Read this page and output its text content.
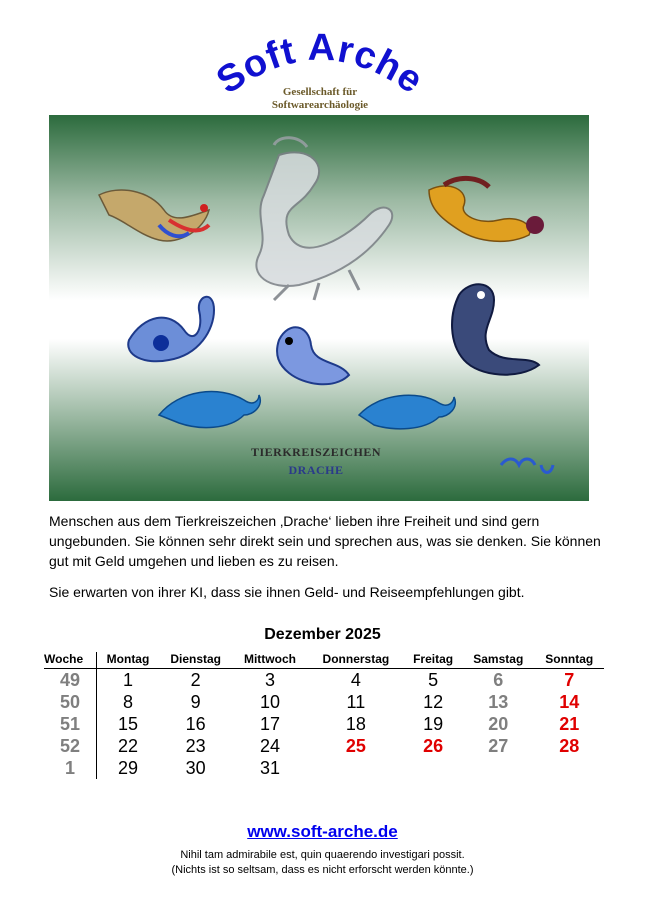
Soft Arche
Gesellschaft für
Softwarearchäologie
TIERKREISZEICHEN
DRACHE
Menschen aus dem Tierkreiszeichen ‚Drache‘ lieben ihre Freiheit und sind gern ungebunden. Sie können sehr direkt sein und sprechen aus, was sie denken. Sie können gut mit Geld umgehen und lieben es zu reisen.
Sie erwarten von ihrer KI, dass sie ihnen Geld- und Reiseempfehlungen gibt.
Dezember 2025
Woche	Montag	Dienstag	Mittwoch	Donnerstag	Freitag	Samstag	Sonntag
49	1	2	3	4	5	6	7
50	8	9	10	11	12	13	14
51	15	16	17	18	19	20	21
52	22	23	24	25	26	27	28
1	29	30	31				
www.soft-arche.de
Nihil tam admirabile est, quin quaerendo investigari possit.
(Nichts ist so seltsam, dass es nicht erforscht werden könnte.)
